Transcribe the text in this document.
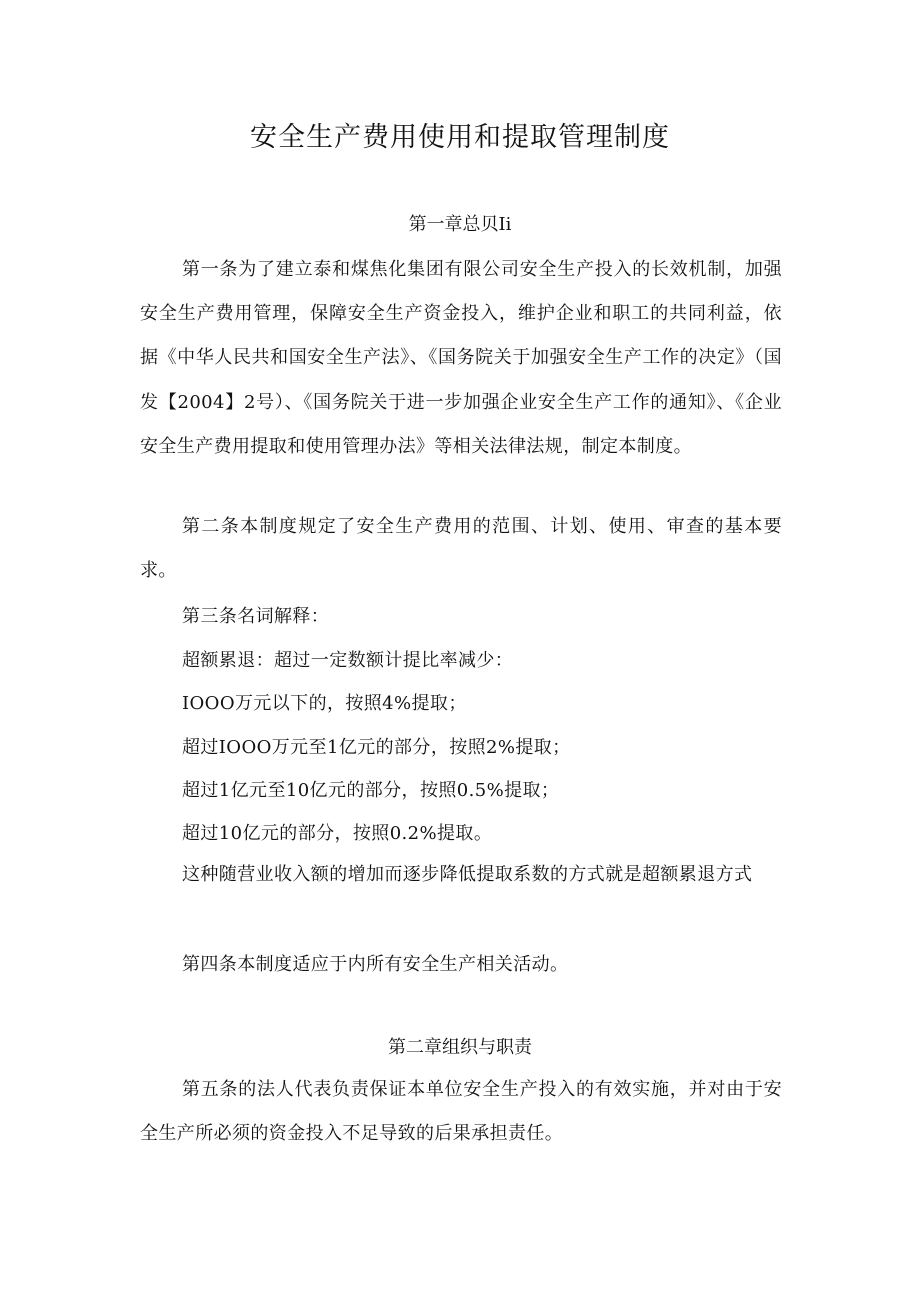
安全生产费用使用和提取管理制度

第一章总贝Ii

第一条为了建立泰和煤焦化集团有限公司安全生产投入的长效机制，加强安全生产费用管理，保障安全生产资金投入，维护企业和职工的共同利益，依据《中华人民共和国安全生产法》、《国务院关于加强安全生产工作的决定》（国发【2004】2号）、《国务院关于进一步加强企业安全生产工作的通知》、《企业安全生产费用提取和使用管理办法》等相关法律法规，制定本制度。

第二条本制度规定了安全生产费用的范围、计划、使用、审查的基本要求。

第三条名词解释：

超额累退：超过一定数额计提比率减少：

IOOO万元以下的，按照4%提取；

超过IOOO万元至1亿元的部分，按照2%提取；

超过1亿元至10亿元的部分，按照0.5%提取；

超过10亿元的部分，按照0.2%提取。

这种随营业收入额的增加而逐步降低提取系数的方式就是超额累退方式

第四条本制度适应于内所有安全生产相关活动。

第二章组织与职责

第五条的法人代表负责保证本单位安全生产投入的有效实施，并对由于安全生产所必须的资金投入不足导致的后果承担责任。
